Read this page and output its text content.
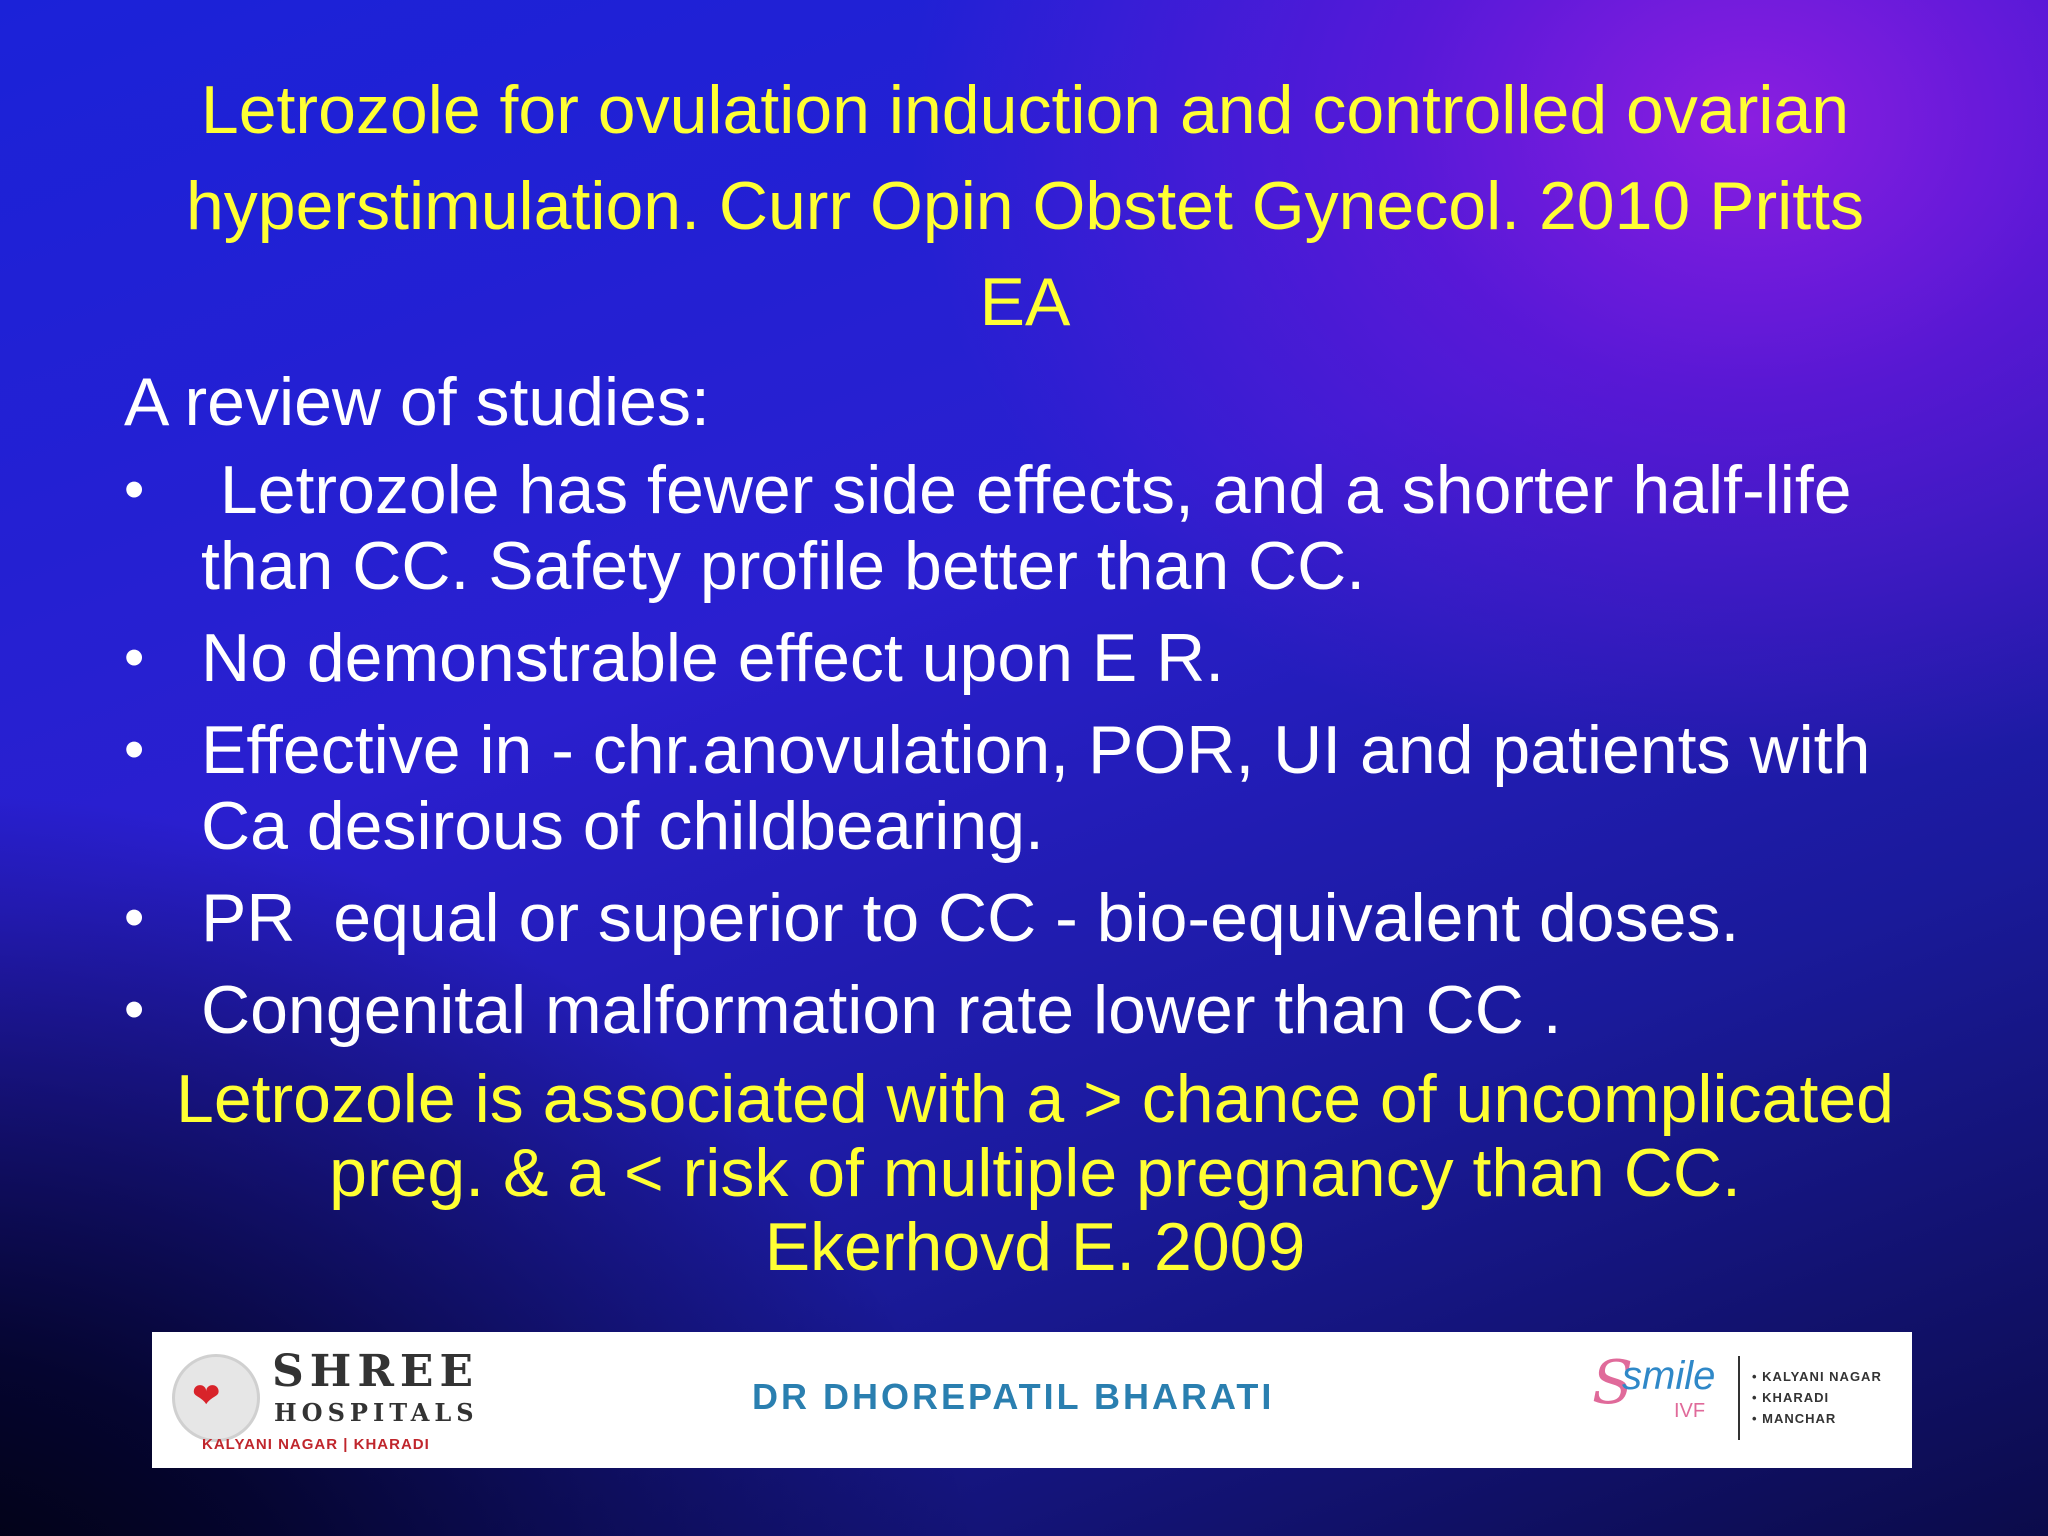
Letrozole for ovulation induction and controlled ovarian
hyperstimulation. Curr Opin Obstet Gynecol. 2010 Pritts
EA
A review of studies:
• Letrozole has fewer side effects, and a shorter half-life
than CC. Safety profile better than CC.
• No demonstrable effect upon E R.
• Effective in - chr.anovulation, POR, UI and patients with
Ca desirous of childbearing.
• PR  equal or superior to CC - bio-equivalent doses.
• Congenital malformation rate lower than CC .
Letrozole is associated with a > chance of uncomplicated
preg. & a < risk of multiple pregnancy than CC.
Ekerhovd E. 2009
❤ SHREE
HOSPITALS
KALYANI NAGAR | KHARADI
DR DHOREPATIL BHARATI	S
smile
IVF
• KALYANI NAGAR
• KHARADI
• MANCHAR
